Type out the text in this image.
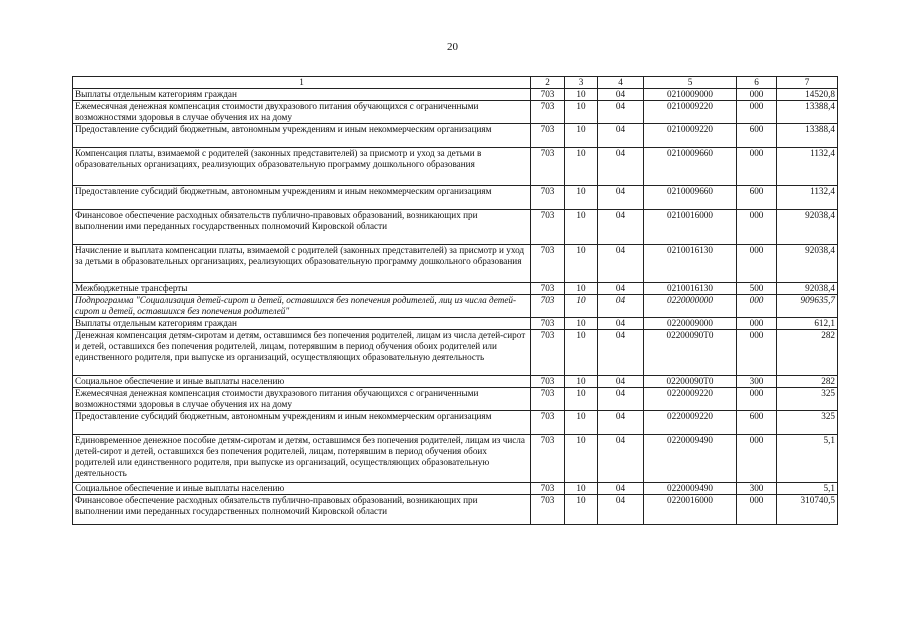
20
1	2	3	4	5	6	7
Выплаты отдельным категориям граждан	703	10	04	0210009000	000	14520,8
Ежемесячная денежная компенсация стоимости двухразового питания обучающихся с ограниченными возможностями здоровья в случае обучения их на дому	703	10	04	0210009220	000	13388,4
Предоставление субсидий бюджетным, автономным учреждениям и иным некоммерческим организациям	703	10	04	0210009220	600	13388,4
Компенсация платы, взимаемой с родителей (законных представителей) за присмотр и уход за детьми в образовательных организациях, реализующих образовательную программу дошкольного образования	703	10	04	0210009660	000	1132,4
Предоставление субсидий бюджетным, автономным учреждениям и иным некоммерческим организациям	703	10	04	0210009660	600	1132,4
Финансовое обеспечение расходных обязательств публично-правовых образований, возникающих при выполнении ими переданных государственных полномочий Кировской области	703	10	04	0210016000	000	92038,4
Начисление и выплата компенсации платы, взимаемой с родителей (законных представителей) за присмотр и уход за детьми в образовательных организациях, реализующих образовательную программу дошкольного образования	703	10	04	0210016130	000	92038,4
Межбюджетные трансферты	703	10	04	0210016130	500	92038,4
Подпрограмма "Социализация детей-сирот и детей, оставшихся без попечения родителей, лиц из числа детей-сирот и детей, оставшихся без попечения родителей"	703	10	04	0220000000	000	909635,7
Выплаты отдельным категориям граждан	703	10	04	0220009000	000	612,1
Денежная компенсация детям-сиротам и детям, оставшимся без попечения родителей, лицам из числа детей-сирот и детей, оставшихся без попечения родителей, лицам, потерявшим в период обучения обоих родителей или единственного родителя, при выпуске из организаций, осуществляющих образовательную деятельность	703	10	04	02200090Т0	000	282
Социальное обеспечение и иные выплаты населению	703	10	04	02200090Т0	300	282
Ежемесячная денежная компенсация стоимости двухразового питания обучающихся с ограниченными возможностями здоровья в случае обучения их на дому	703	10	04	0220009220	000	325
Предоставление субсидий бюджетным, автономным учреждениям и иным некоммерческим организациям	703	10	04	0220009220	600	325
Единовременное денежное пособие детям-сиротам и детям, оставшимся без попечения родителей, лицам из числа детей-сирот и детей, оставшихся без попечения родителей, лицам, потерявшим в период обучения обоих родителей или единственного родителя, при выпуске из организаций, осуществляющих образовательную деятельность	703	10	04	0220009490	000	5,1
Социальное обеспечение и иные выплаты населению	703	10	04	0220009490	300	5,1
Финансовое обеспечение расходных обязательств публично-правовых образований, возникающих при выполнении ими переданных государственных полномочий Кировской области	703	10	04	0220016000	000	310740,5
